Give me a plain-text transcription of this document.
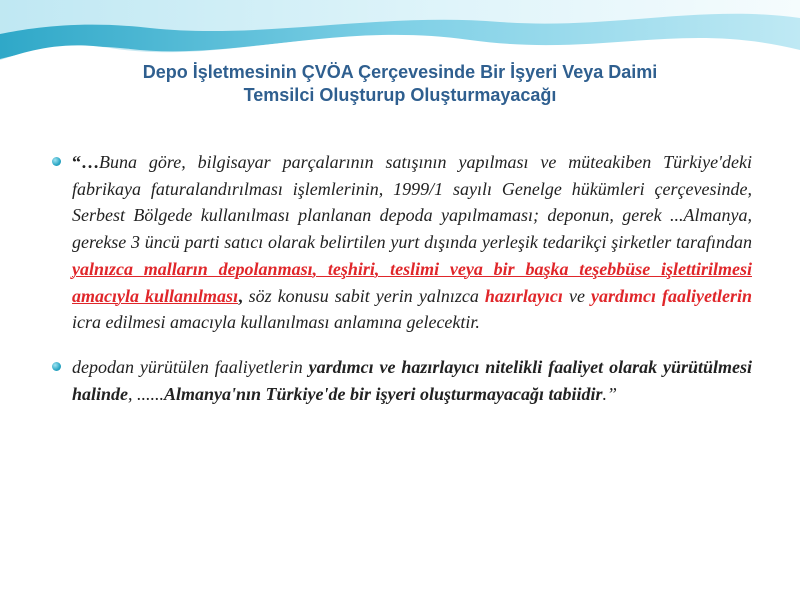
Depo İşletmesinin ÇVÖA Çerçevesinde Bir İşyeri Veya Daimi
Temsilci Oluşturup Oluşturmayacağı

“…Buna göre, bilgisayar parçalarının satışının yapılması ve müteakiben Türkiye'deki fabrikaya faturalandırılması işlemlerinin, 1999/1 sayılı Genelge hükümleri çerçevesinde, Serbest Bölgede kullanılması planlanan depoda yapılmaması; deponun, gerek ...Almanya, gerekse 3 üncü parti satıcı olarak belirtilen yurt dışında yerleşik tedarikçi şirketler tarafından yalnızca malların depolanması, teşhiri, teslimi veya bir başka teşebbüse işlettirilmesi amacıyla kullanılması, söz konusu sabit yerin yalnızca hazırlayıcı ve yardımcı faaliyetlerin icra edilmesi amacıyla kullanılması anlamına gelecektir.

depodan yürütülen faaliyetlerin yardımcı ve hazırlayıcı nitelikli faaliyet olarak yürütülmesi halinde, ......Almanya'nın Türkiye'de bir işyeri oluşturmayacağı tabiidir.”
